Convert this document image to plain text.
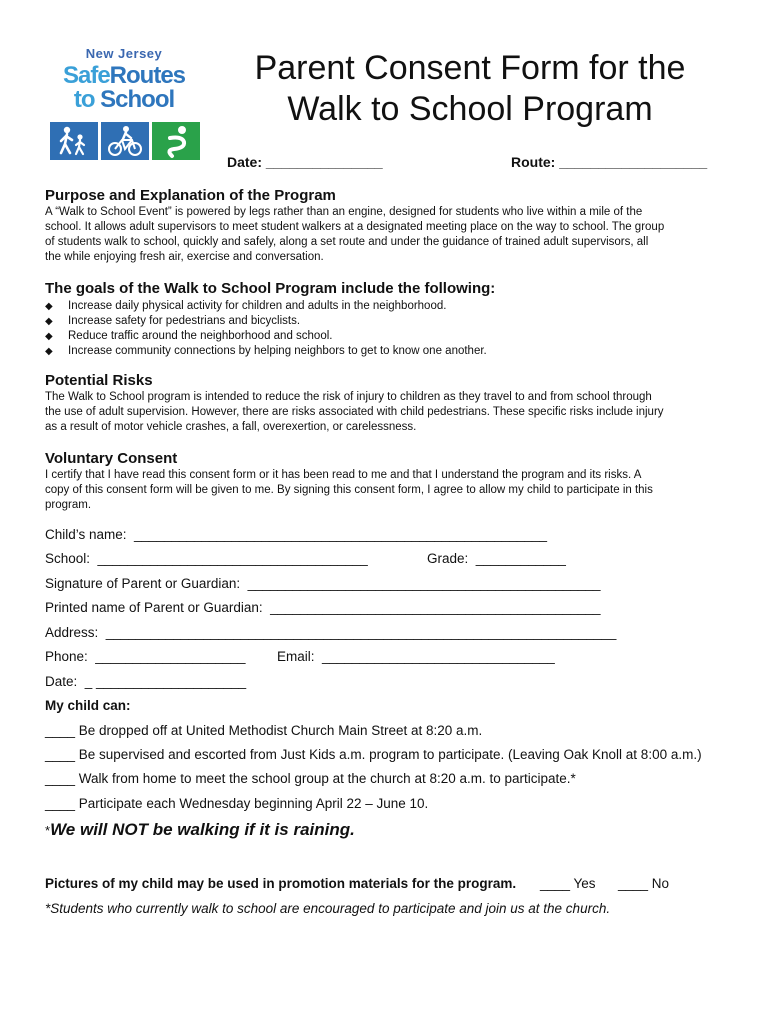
New Jersey
SafeRoutes
to School
Parent Consent Form for the
Walk to School Program
Date: _______________	Route: ___________________
Purpose and Explanation of the Program
A “Walk to School Event” is powered by legs rather than an engine, designed for students who live within a mile of the
school. It allows adult supervisors to meet student walkers at a designated meeting place on the way to school. The group
of students walk to school, quickly and safely, along a set route and under the guidance of trained adult supervisors, all
the while enjoying fresh air, exercise and conversation.
The goals of the Walk to School Program include the following:
◆ Increase daily physical activity for children and adults in the neighborhood.
◆ Increase safety for pedestrians and bicyclists.
◆ Reduce traffic around the neighborhood and school.
◆ Increase community connections by helping neighbors to get to know one another.
Potential Risks
The Walk to School program is intended to reduce the risk of injury to children as they travel to and from school through
the use of adult supervision. However, there are risks associated with child pedestrians. These specific risks include injury
as a result of motor vehicle crashes, a fall, overexertion, or carelessness.
Voluntary Consent
I certify that I have read this consent form or it has been read to me and that I understand the program and its risks. A
copy of this consent form will be given to me. By signing this consent form, I agree to allow my child to participate in this
program.
Child’s name:  _______________________________________________________
School:  ____________________________________	Grade:  ____________
Signature of Parent or Guardian:  _______________________________________________
Printed name of Parent or Guardian:  ____________________________________________
Address:  ____________________________________________________________________
Phone:  ____________________ Email:  _______________________________
Date:  _ ____________________
My child can:
____ Be dropped off at United Methodist Church Main Street at 8:20 a.m.
____ Be supervised and escorted from Just Kids a.m. program to participate. (Leaving Oak Knoll at 8:00 a.m.)
____ Walk from home to meet the school group at the church at 8:20 a.m. to participate.*
____ Participate each Wednesday beginning April 22 – June 10.
*We will NOT be walking if it is raining.
Pictures of my child may be used in promotion materials for the program. ____ Yes ____ No
*Students who currently walk to school are encouraged to participate and join us at the church.
